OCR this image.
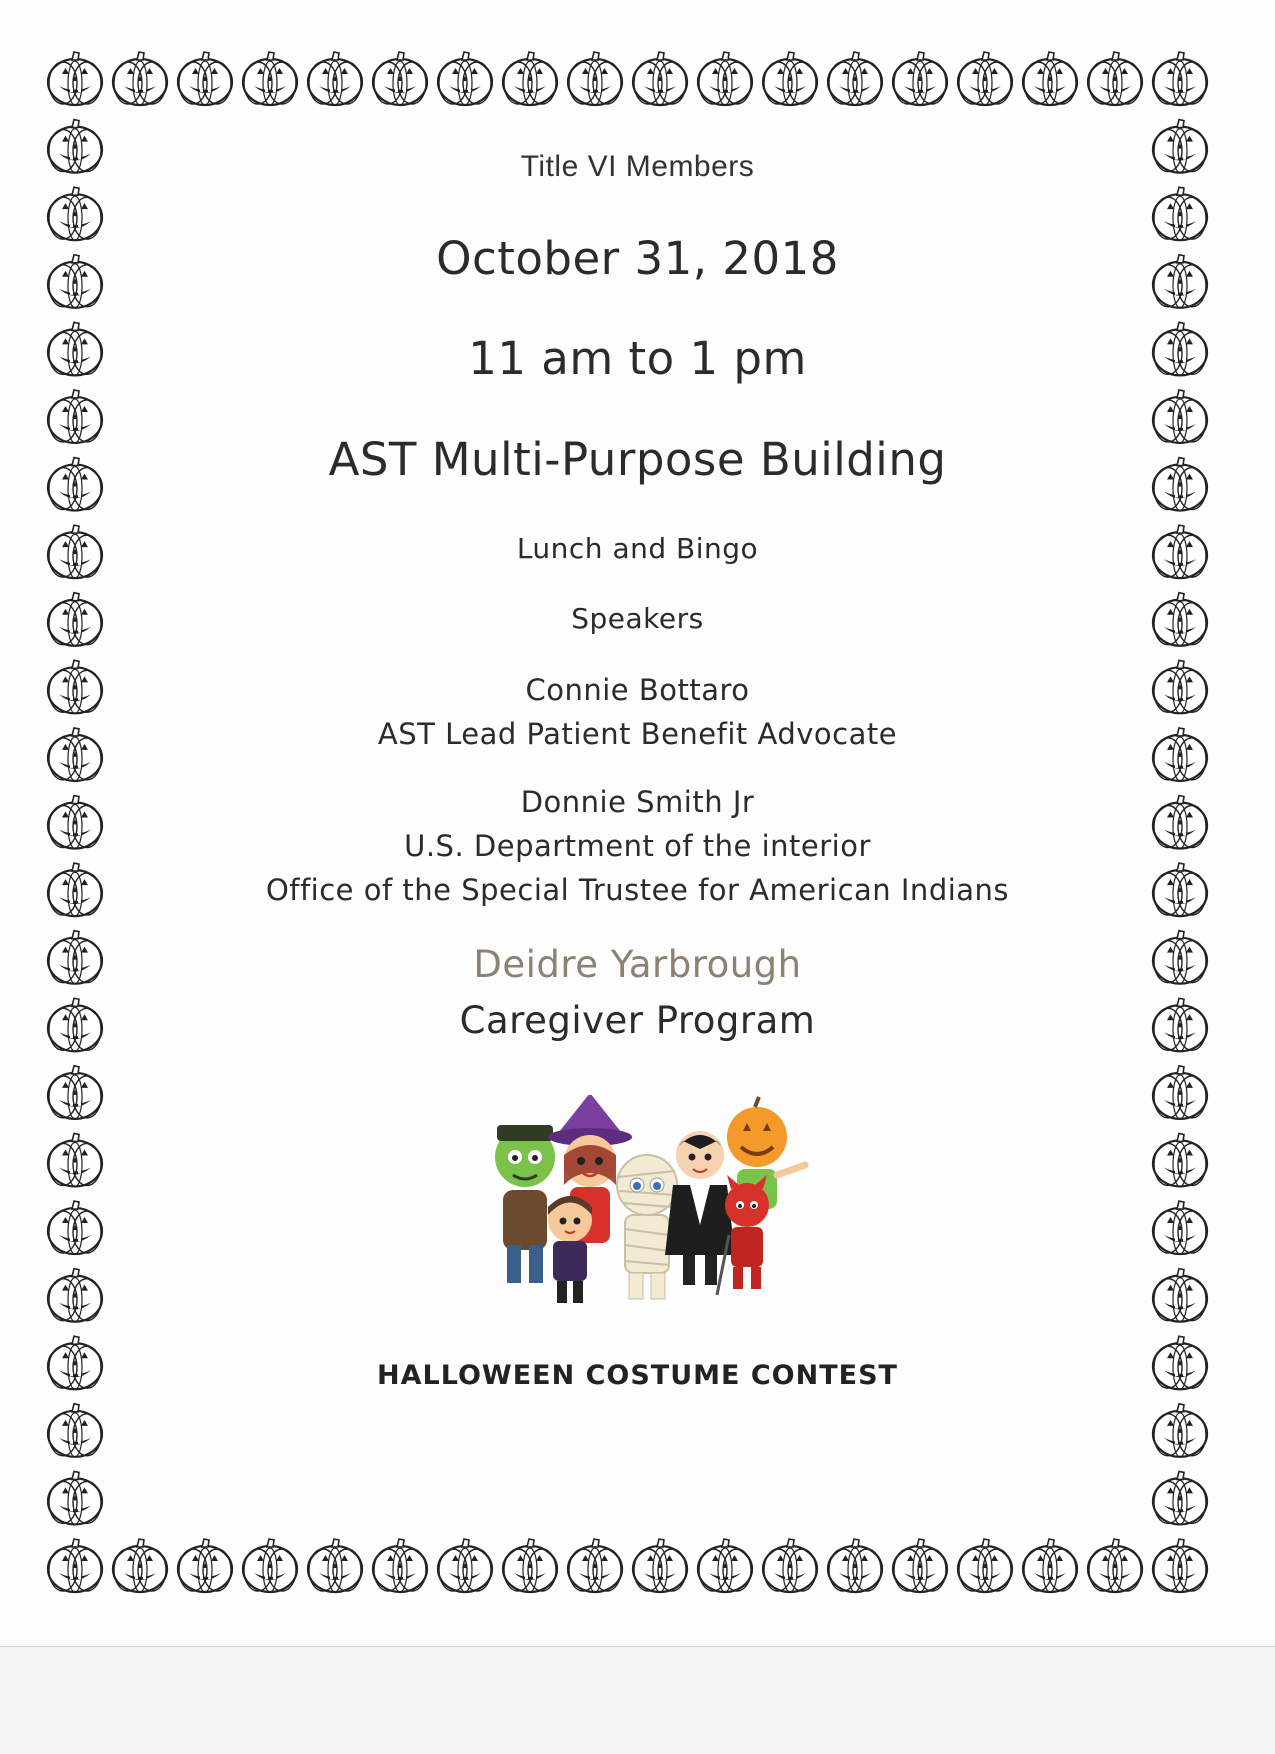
Title VI Members
October 31, 2018
11 am to 1 pm
AST Multi-Purpose Building
Lunch and Bingo
Speakers
Connie Bottaro
AST Lead Patient Benefit Advocate
Donnie Smith Jr
U.S. Department of the interior
Office of the Special Trustee for American Indians
Deidre Yarbrough
Caregiver Program
HALLOWEEN COSTUME CONTEST
